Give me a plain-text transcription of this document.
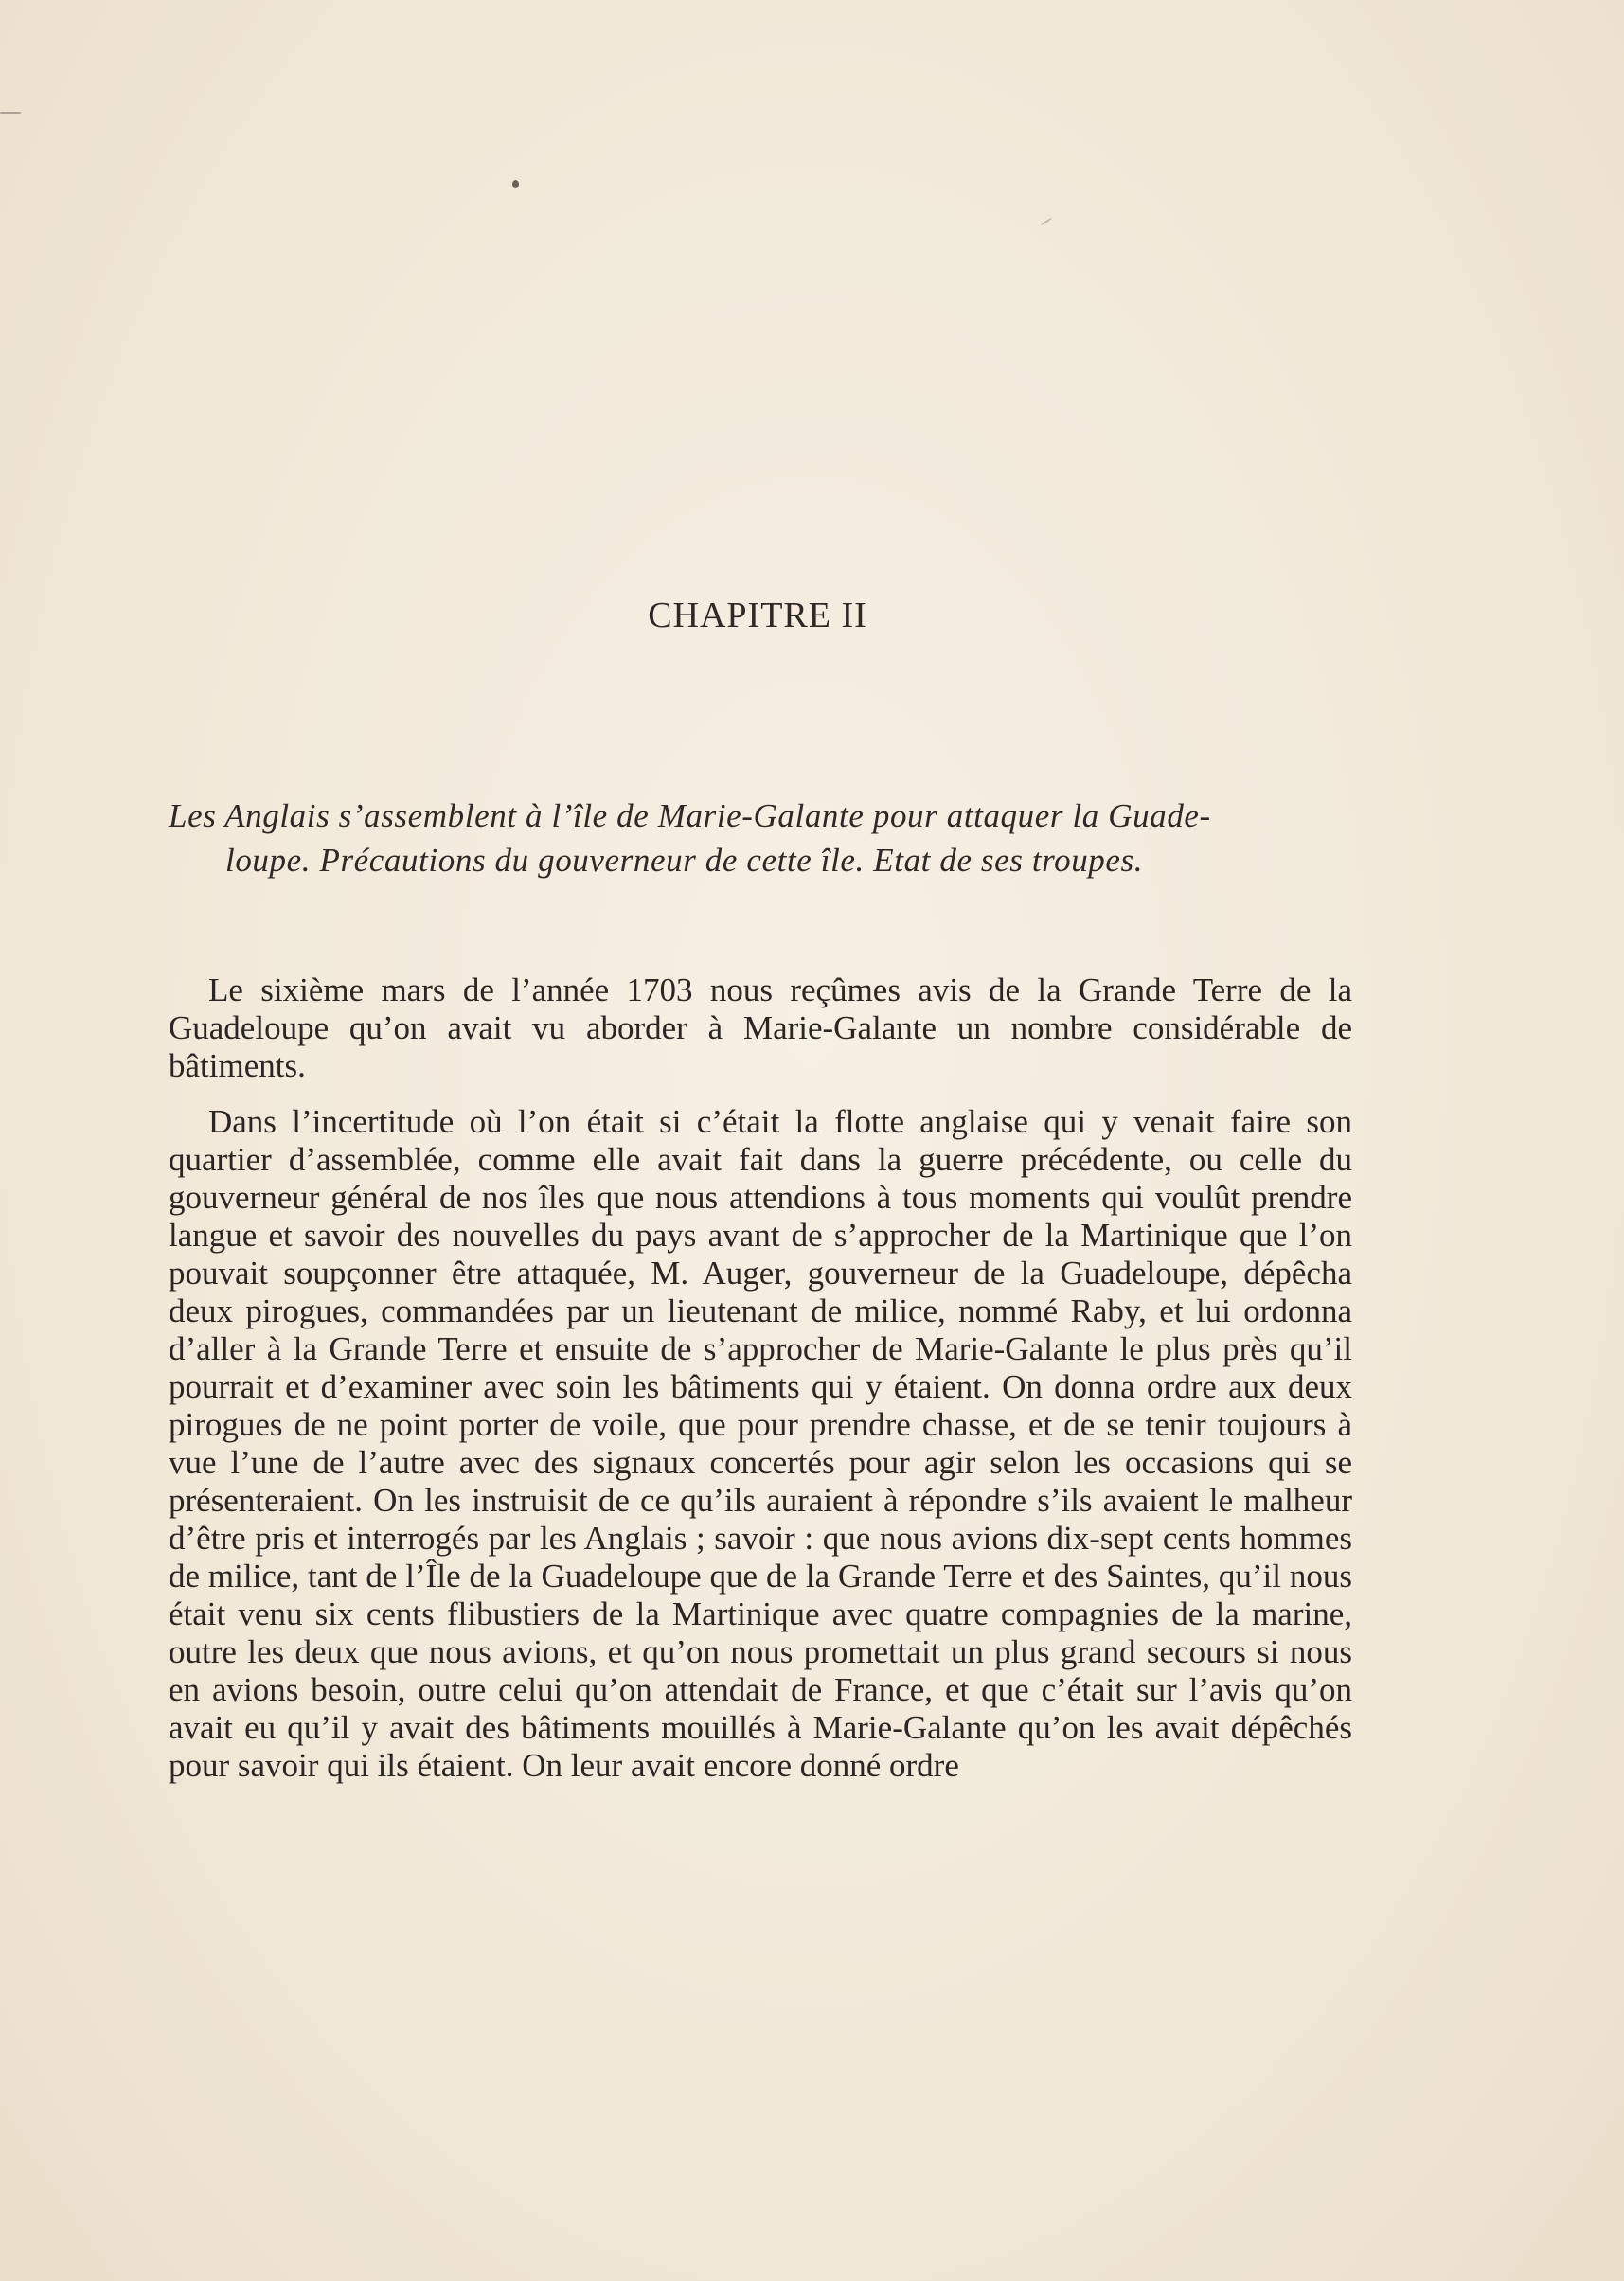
CHAPITRE II
Les Anglais s’assemblent à l’île de Marie-Galante pour attaquer la Guade-
loupe. Précautions du gouverneur de cette île. Etat de ses troupes.

Le sixième mars de l’année 1703 nous reçûmes avis de la Grande Terre de la Guadeloupe qu’on avait vu aborder à Marie-Galante un nombre considérable de bâtiments.

Dans l’incertitude où l’on était si c’était la flotte anglaise qui y venait faire son quartier d’assemblée, comme elle avait fait dans la guerre précédente, ou celle du gouverneur général de nos îles que nous attendions à tous moments qui voulût prendre langue et savoir des nouvelles du pays avant de s’approcher de la Martinique que l’on pouvait soupçonner être attaquée, M. Auger, gouverneur de la Guadeloupe, dépêcha deux pirogues, commandées par un lieutenant de milice, nommé Raby, et lui ordonna d’aller à la Grande Terre et ensuite de s’approcher de Marie-Galante le plus près qu’il pourrait et d’examiner avec soin les bâtiments qui y étaient. On donna ordre aux deux pirogues de ne point porter de voile, que pour prendre chasse, et de se tenir toujours à vue l’une de l’autre avec des signaux concertés pour agir selon les occasions qui se présenteraient. On les instruisit de ce qu’ils auraient à répondre s’ils avaient le malheur d’être pris et interrogés par les Anglais ; savoir : que nous avions dix-sept cents hommes de milice, tant de l’Île de la Guadeloupe que de la Grande Terre et des Saintes, qu’il nous était venu six cents flibustiers de la Martinique avec quatre compagnies de la marine, outre les deux que nous avions, et qu’on nous promettait un plus grand secours si nous en avions besoin, outre celui qu’on attendait de France, et que c’était sur l’avis qu’on avait eu qu’il y avait des bâtiments mouillés à Marie-Galante qu’on les avait dépêchés pour savoir qui ils étaient. On leur avait encore donné ordre
